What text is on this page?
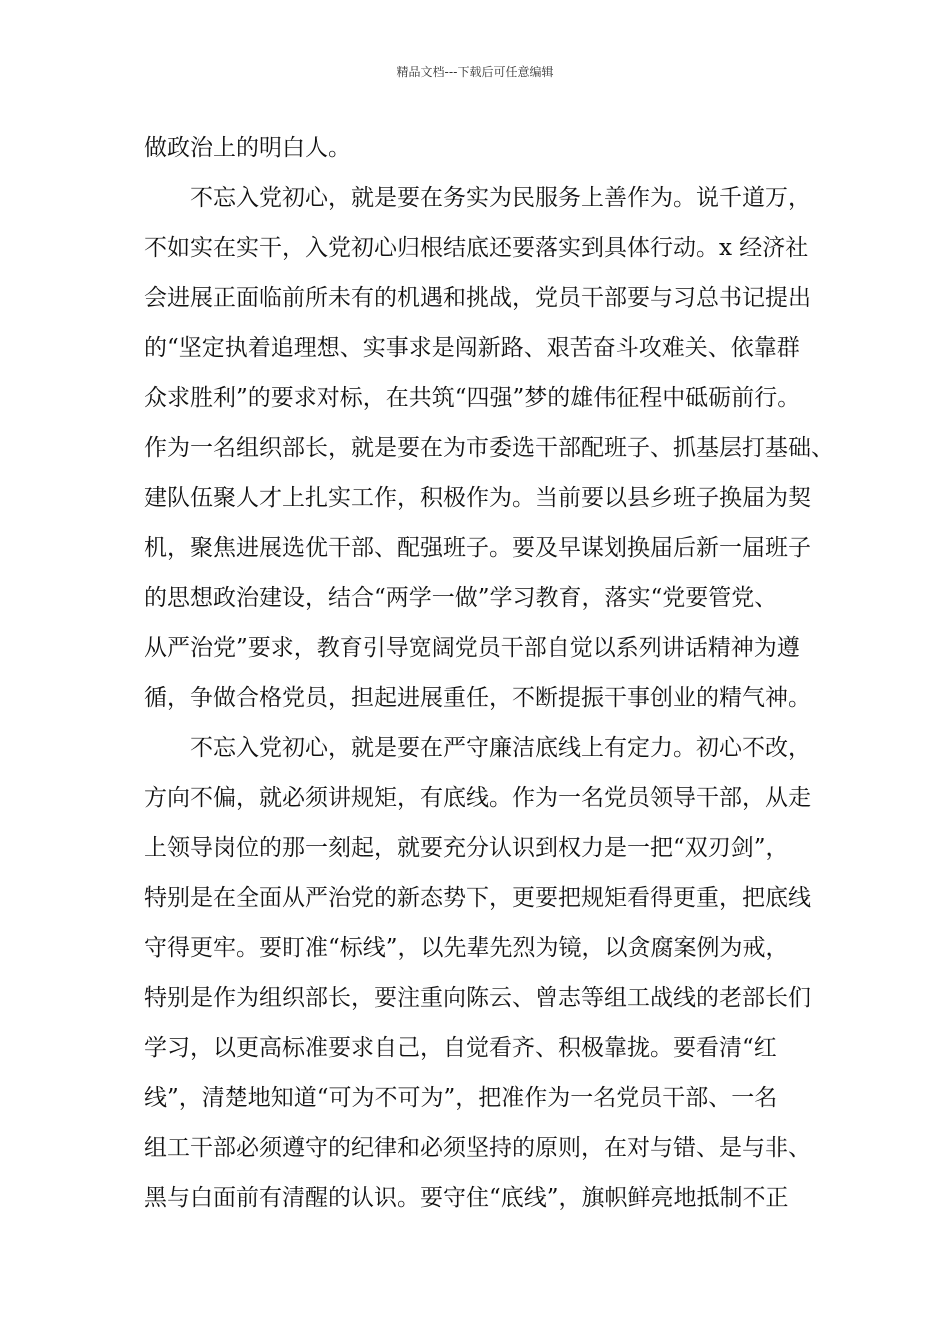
精品文档---下载后可任意编辑
做政治上的明白人。
不忘入党初心，就是要在务实为民服务上善作为。说千道万，
不如实在实干，入党初心归根结底还要落实到具体行动。x 经济社
会进展正面临前所未有的机遇和挑战，党员干部要与习总书记提出
的“坚定执着追理想、实事求是闯新路、艰苦奋斗攻难关、依靠群
众求胜利”的要求对标，在共筑“四强”梦的雄伟征程中砥砺前行。
作为一名组织部长，就是要在为市委选干部配班子、抓基层打基础、
建队伍聚人才上扎实工作，积极作为。当前要以县乡班子换届为契
机，聚焦进展选优干部、配强班子。要及早谋划换届后新一届班子
的思想政治建设，结合“两学一做”学习教育，落实“党要管党、
从严治党”要求，教育引导宽阔党员干部自觉以系列讲话精神为遵
循，争做合格党员，担起进展重任，不断提振干事创业的精气神。
不忘入党初心，就是要在严守廉洁底线上有定力。初心不改，
方向不偏，就必须讲规矩，有底线。作为一名党员领导干部，从走
上领导岗位的那一刻起，就要充分认识到权力是一把“双刃剑”，
特别是在全面从严治党的新态势下，更要把规矩看得更重，把底线
守得更牢。要盯准“标线”，以先辈先烈为镜，以贪腐案例为戒，
特别是作为组织部长，要注重向陈云、曾志等组工战线的老部长们
学习，以更高标准要求自己，自觉看齐、积极靠拢。要看清“红
线”，清楚地知道“可为不可为”，把准作为一名党员干部、一名
组工干部必须遵守的纪律和必须坚持的原则，在对与错、是与非、
黑与白面前有清醒的认识。要守住“底线”，旗帜鲜亮地抵制不正
